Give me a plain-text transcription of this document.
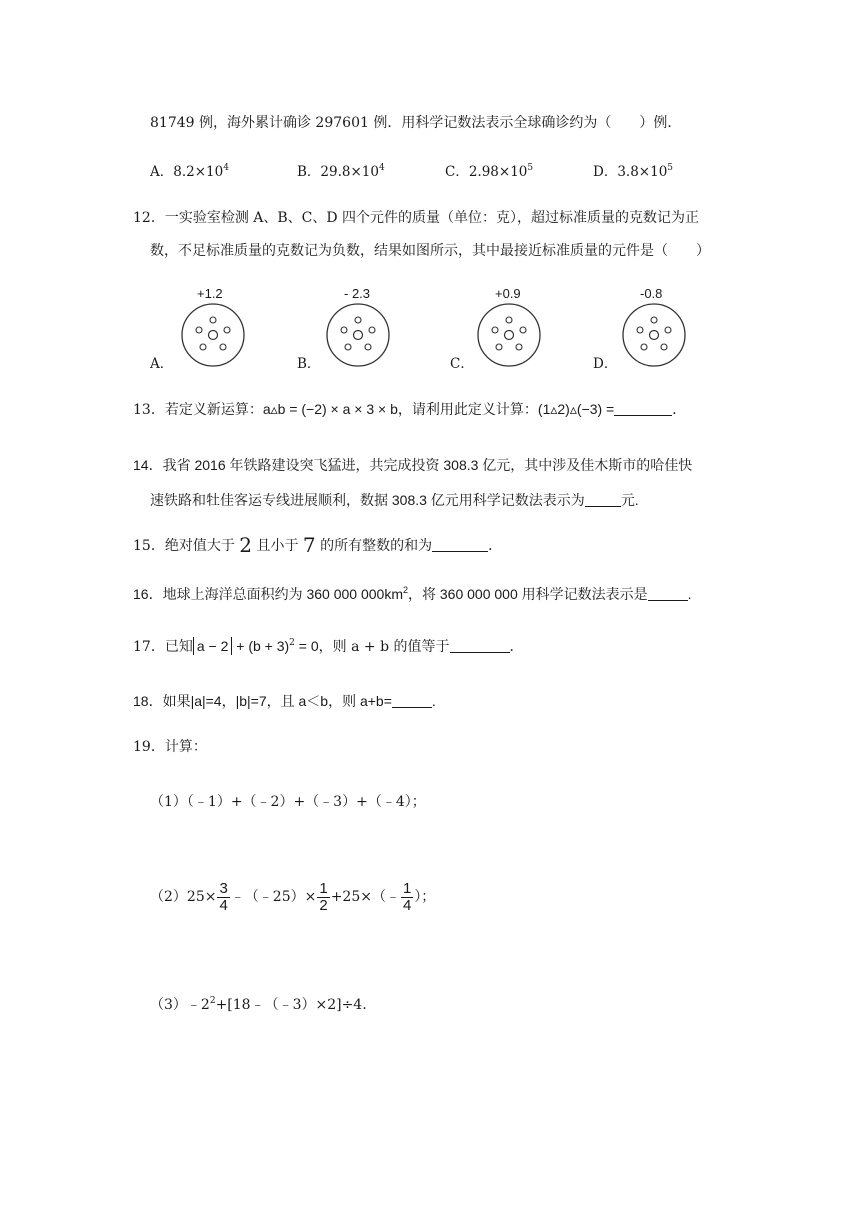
81749 例，海外累计确诊 297601 例．用科学记数法表示全球确诊约为（　　）例．
A．$8.2\times 10^4$	B．$29.8\times 10^4$	C．$2.98\times 10^5$	D．$3.8\times 10^5$
12．一实验室检测 A、B、C、D 四个元件的质量（单位：克），超过标准质量的克数记为正
数，不足标准质量的克数记为负数，结果如图所示，其中最接近标准质量的元件是（　　）
+1.2
A．
- 2.3
B．
+0.9
C．
-0.8
D．
13．若定义新运算：a▵b = (−2) × a × 3 × b，请利用此定义计算：(1▵2)▵(−3) =	．
14．我省 2016 年铁路建设突飞猛进，共完成投资 308.3 亿元，其中涉及佳木斯市的哈佳快
速铁路和牡佳客运专线进展顺利，数据 308.3 亿元用科学记数法表示为	元.
15．绝对值大于 2 且小于 7 的所有整数的和为	．
16．地球上海洋总面积约为 360 000 $000km^2$，将 360 000 000 用科学记数法表示是	.
17．已知 $a - 2 + (b + 3)^2 = 0$，则 a + b 的值等于	．
18．如果|a|=4，|b|=7，且 a＜b，则 a+b=	.
19．计算：
（1）（﹣1）+（﹣2）+（﹣3）+（﹣4）；
$(2)25\times \frac{3}{4}$ ﹣（﹣25）× $\frac{1}{2}$ +25×（﹣ $\frac{1}{4}$ ）；
$(3)﹣2^2+[18﹣(﹣3)\times 2]\div 4$.
